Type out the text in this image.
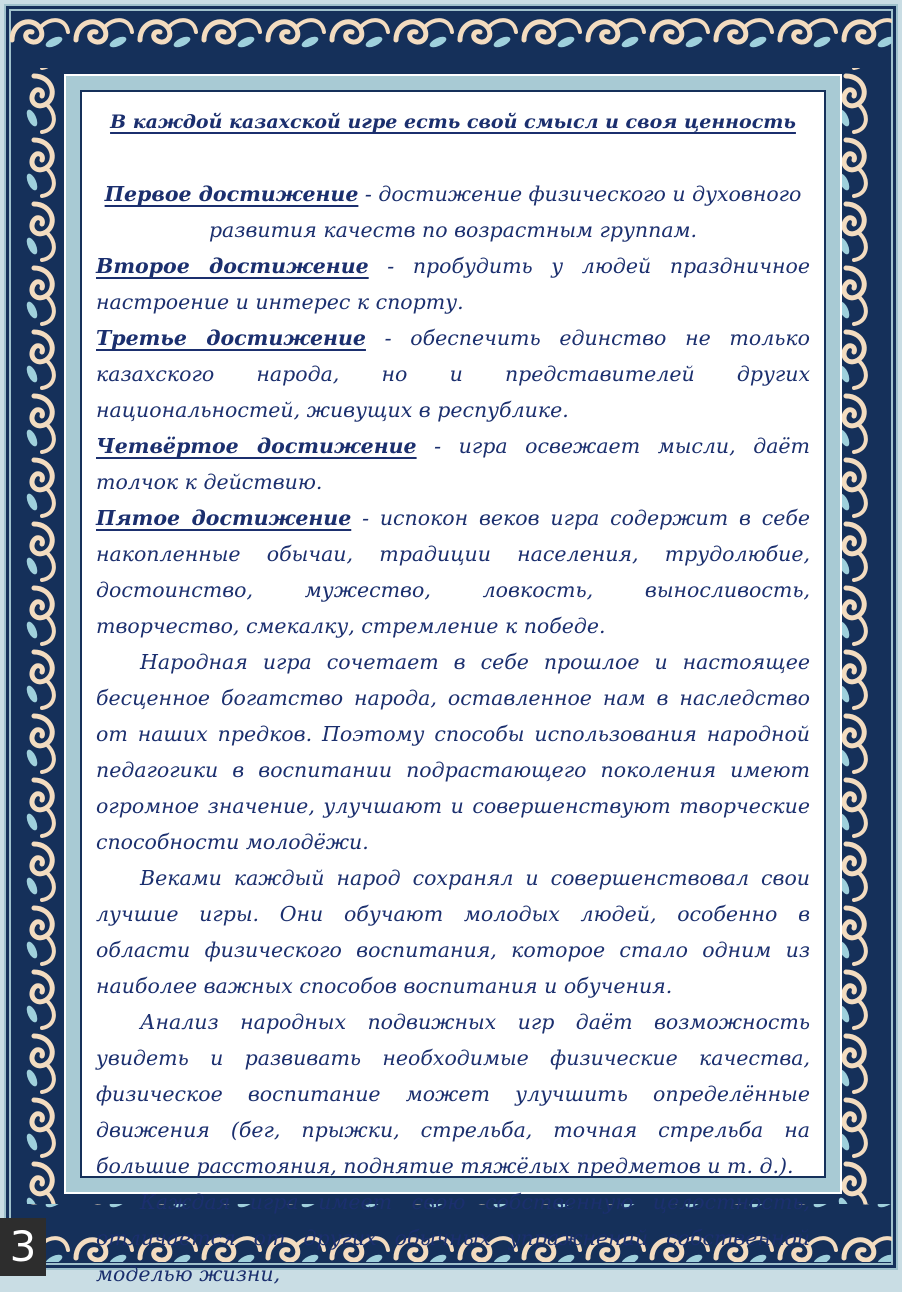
В каждой казахской игре есть свой смысл и своя ценность

Первое достижение - достижение физического и духовного развития качеств по возрастным группам.

Второе достижение - пробудить у людей праздничное настроение и интерес к спорту.

Третье достижение - обеспечить единство не только казахского народа, но и представителей других национальностей, живущих в республике.

Четвёртое достижение - игра освежает мысли, даёт толчок к действию.

Пятое достижение - испокон веков игра содержит в себе накопленные обычаи, традиции населения, трудолюбие, достоинство, мужество, ловкость, выносливость, творчество, смекалку, стремление к победе.

Народная игра сочетает в себе прошлое и настоящее бесценное богатство народа, оставленное нам в наследство от наших предков. Поэтому способы использования народной педагогики в воспитании подрастающего поколения имеют огромное значение, улучшают и совершенствуют творческие способности молодёжи.

Веками каждый народ сохранял и совершенствовал свои лучшие игры. Они обучают молодых людей, особенно в области физического воспитания, которое стало одним из наиболее важных способов воспитания и обучения.

Анализ народных подвижных игр даёт возможность увидеть и развивать необходимые физические качества, физическое воспитание может улучшить определённые движения (бег, прыжки, стрельба, точная стрельба на большие расстояния, поднятие тяжёлых предметов и т. д.).

Каждая игра имеет свою собственную целостность, отличается от других обычных упражнений собственной моделью жизни,

3
